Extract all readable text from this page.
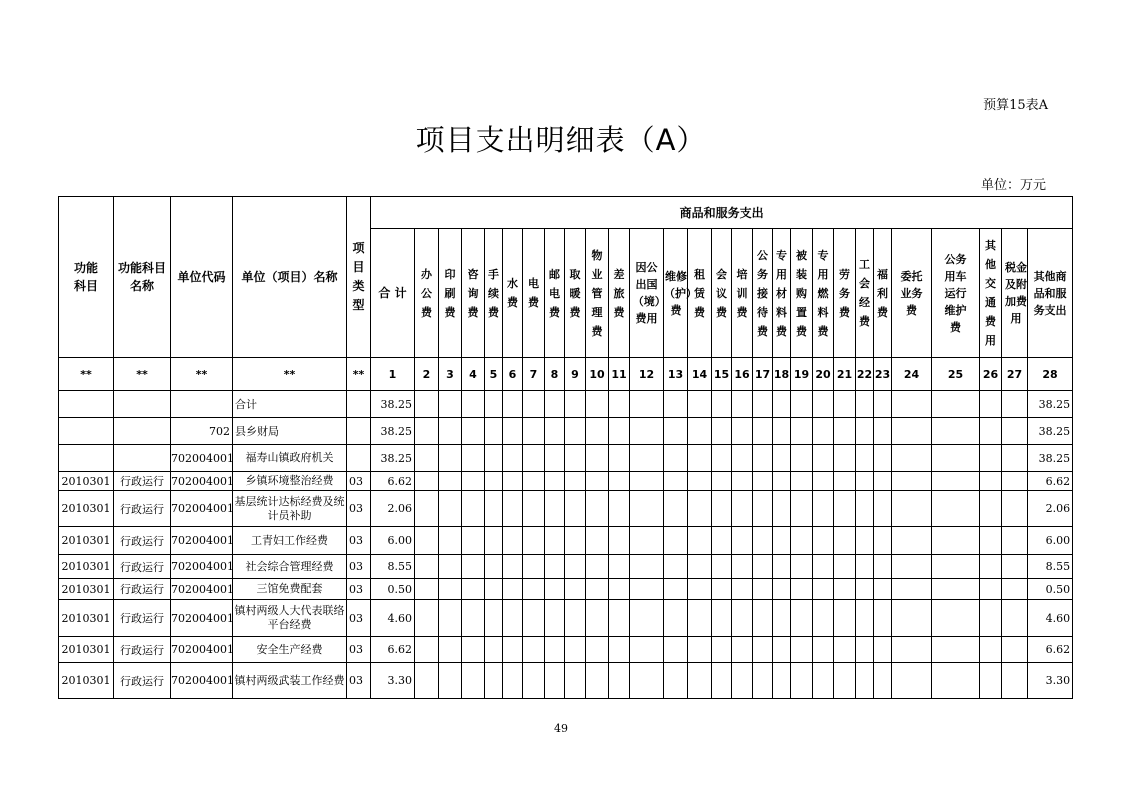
预算15表A
项目支出明细表（A）
单位：万元
功能科目	功能科目名称	单位代码	单位（项目）名称	项目类型	商品和服务支出																											
					合 计	办公费	印刷费	咨询费	手续费	水费	电费	邮电费	取暖费	物业管理费	差旅费	因公出国（境）费用	维修（护）费	租赁费	会议费	培训费	公务接待费	专用材料费	被装购置费	专用燃料费	劳务费	工会经费	福利费	委托业务费	公务用车运行维护费	其他交通费用	税金及附加费用	其他商品和服务支出
**	**	**	**	**	1	2	3	4	5	6	7	8	9	10	11	12	13	14	15	16	17	18	19	20	21	22	23	24	25	26	27	28
			合计		38.25																											38.25
		702	县乡财局		38.25																											38.25
		702004001	福寿山镇政府机关		38.25																											38.25
2010301	行政运行	702004001	乡镇环境整治经费	03	6.62																											6.62
2010301	行政运行	702004001	基层统计达标经费及统计员补助	03	2.06																											2.06
2010301	行政运行	702004001	工青妇工作经费	03	6.00																											6.00
2010301	行政运行	702004001	社会综合管理经费	03	8.55																											8.55
2010301	行政运行	702004001	三馆免费配套	03	0.50																											0.50
2010301	行政运行	702004001	镇村两级人大代表联络平台经费	03	4.60																											4.60
2010301	行政运行	702004001	安全生产经费	03	6.62																											6.62
2010301	行政运行	702004001	镇村两级武装工作经费	03	3.30																											3.30
49
